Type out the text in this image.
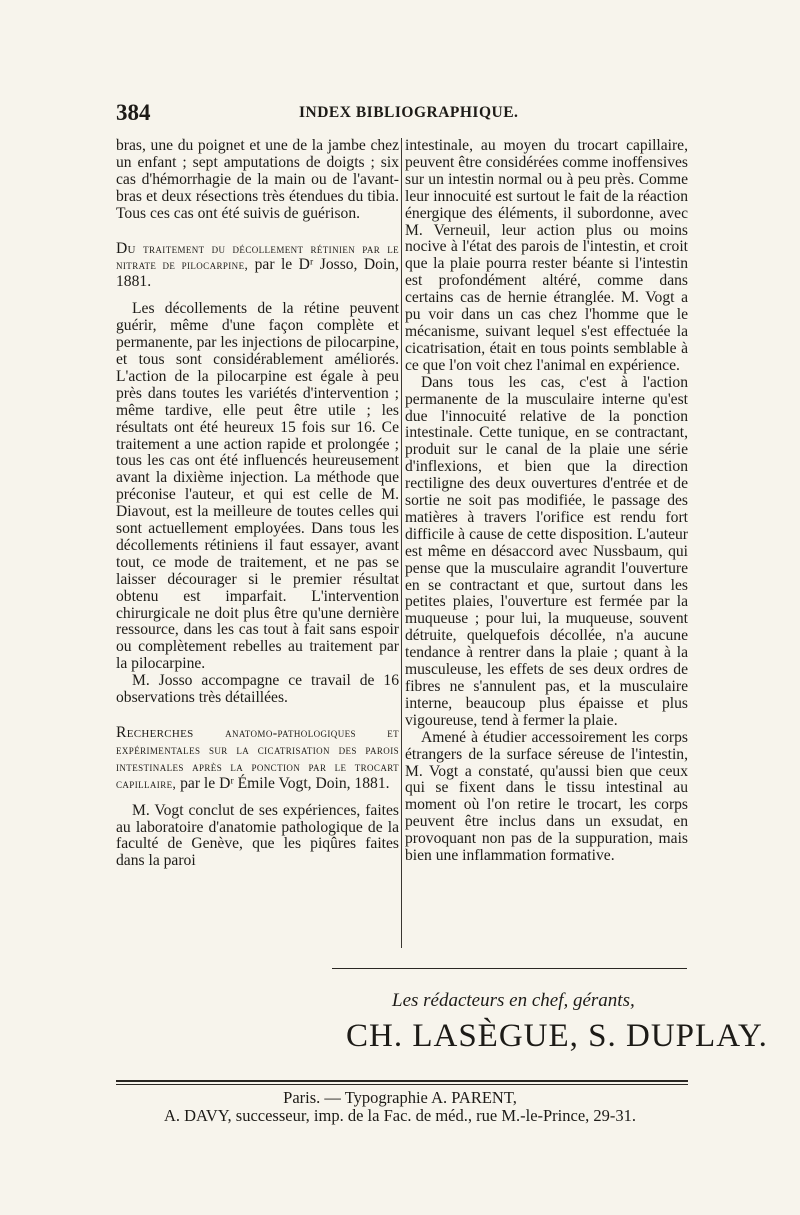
384	INDEX BIBLIOGRAPHIQUE.

bras, une du poignet et une de la jambe chez un enfant ; sept amputations de doigts ; six cas d'hémorrhagie de la main ou de l'avant-bras et deux résections très étendues du tibia. Tous ces cas ont été suivis de guérison.

Du traitement du décollement rétinien par le nitrate de pilocarpine, par le Dʳ Josso, Doin, 1881.

Les décollements de la rétine peuvent guérir, même d'une façon complète et permanente, par les injections de pilocarpine, et tous sont considérablement améliorés. L'action de la pilocarpine est égale à peu près dans toutes les variétés d'intervention ; même tardive, elle peut être utile ; les résultats ont été heureux 15 fois sur 16. Ce traitement a une action rapide et prolongée ; tous les cas ont été influencés heureusement avant la dixième injection. La méthode que préconise l'auteur, et qui est celle de M. Diavout, est la meilleure de toutes celles qui sont actuellement employées. Dans tous les décollements rétiniens il faut essayer, avant tout, ce mode de traitement, et ne pas se laisser décourager si le premier résultat obtenu est imparfait. L'intervention chirurgicale ne doit plus être qu'une dernière ressource, dans les cas tout à fait sans espoir ou complètement rebelles au traitement par la pilocarpine.

M. Josso accompagne ce travail de 16 observations très détaillées.

Recherches anatomo-pathologiques et expérimentales sur la cicatrisation des parois intestinales après la ponction par le trocart capillaire, par le Dʳ Émile Vogt, Doin, 1881.

M. Vogt conclut de ses expériences, faites au laboratoire d'anatomie pathologique de la faculté de Genève, que les piqûres faites dans la paroi

intestinale, au moyen du trocart capillaire, peuvent être considérées comme inoffensives sur un intestin normal ou à peu près. Comme leur innocuité est surtout le fait de la réaction énergique des éléments, il subordonne, avec M. Verneuil, leur action plus ou moins nocive à l'état des parois de l'intestin, et croit que la plaie pourra rester béante si l'intestin est profondément altéré, comme dans certains cas de hernie étranglée. M. Vogt a pu voir dans un cas chez l'homme que le mécanisme, suivant lequel s'est effectuée la cicatrisation, était en tous points semblable à ce que l'on voit chez l'animal en expérience.

Dans tous les cas, c'est à l'action permanente de la musculaire interne qu'est due l'innocuité relative de la ponction intestinale. Cette tunique, en se contractant, produit sur le canal de la plaie une série d'inflexions, et bien que la direction rectiligne des deux ouvertures d'entrée et de sortie ne soit pas modifiée, le passage des matières à travers l'orifice est rendu fort difficile à cause de cette disposition. L'auteur est même en désaccord avec Nussbaum, qui pense que la musculaire agrandit l'ouverture en se contractant et que, surtout dans les petites plaies, l'ouverture est fermée par la muqueuse ; pour lui, la muqueuse, souvent détruite, quelquefois décollée, n'a aucune tendance à rentrer dans la plaie ; quant à la musculeuse, les effets de ses deux ordres de fibres ne s'annulent pas, et la musculaire interne, beaucoup plus épaisse et plus vigoureuse, tend à fermer la plaie.

Amené à étudier accessoirement les corps étrangers de la surface séreuse de l'intestin, M. Vogt a constaté, qu'aussi bien que ceux qui se fixent dans le tissu intestinal au moment où l'on retire le trocart, les corps peuvent être inclus dans un exsudat, en provoquant non pas de la suppuration, mais bien une inflammation formative.

Les rédacteurs en chef, gérants,
CH. LASÈGUE, S. DUPLAY.
Paris. — Typographie A. PARENT,
A. DAVY, successeur, imp. de la Fac. de méd., rue M.-le-Prince, 29-31.
